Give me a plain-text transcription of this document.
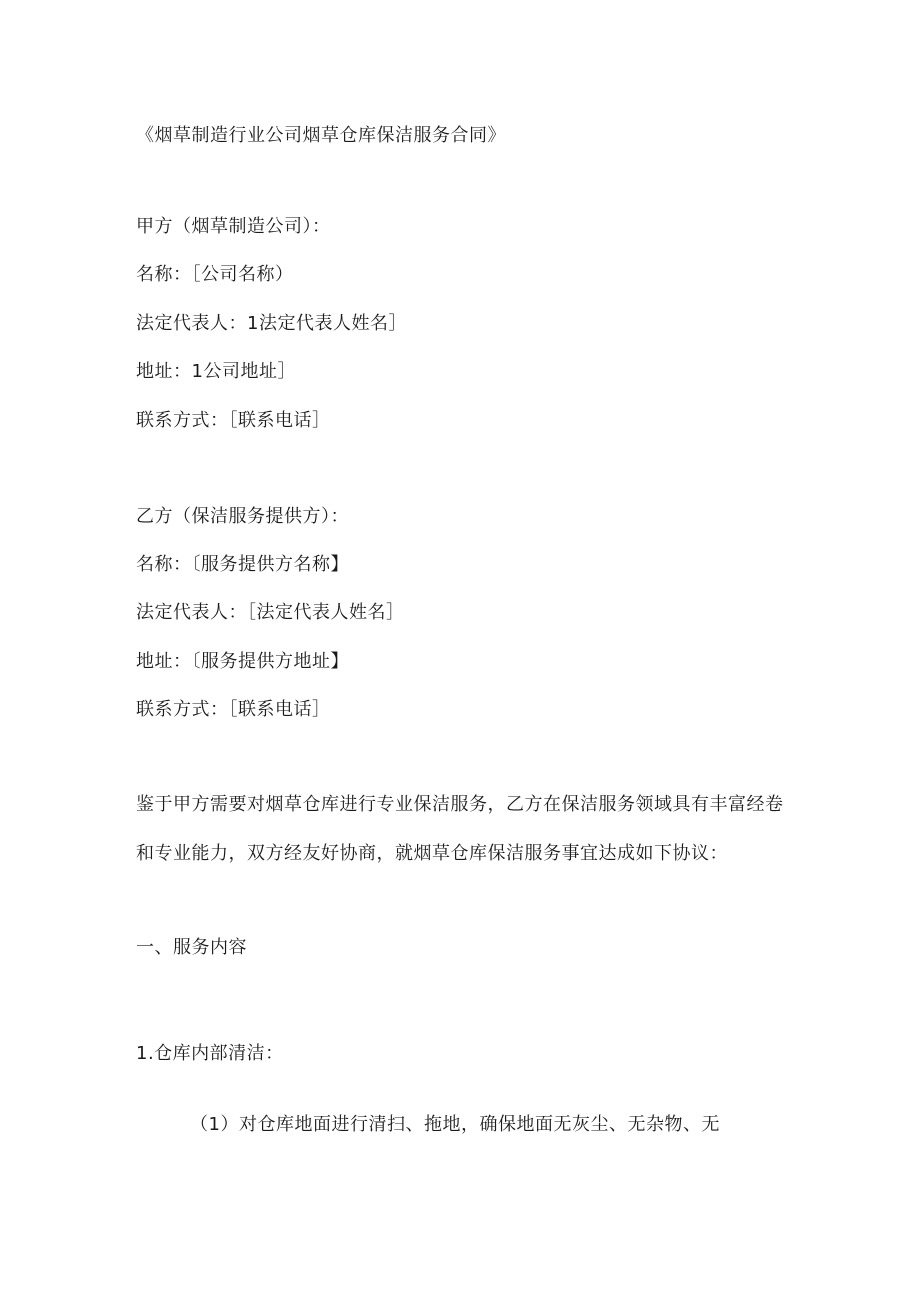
《烟草制造行业公司烟草仓库保洁服务合同》
甲方（烟草制造公司）：
名称：［公司名称）
法定代表人：1法定代表人姓名］
地址：1公司地址］
联系方式：［联系电话］
乙方（保洁服务提供方）：
名称：〔服务提供方名称】
法定代表人：［法定代表人姓名］
地址：〔服务提供方地址】
联系方式：［联系电话］
鉴于甲方需要对烟草仓库进行专业保洁服务，乙方在保洁服务领域具有丰富经卷
和专业能力，双方经友好协商，就烟草仓库保洁服务事宜达成如下协议：
一、服务内容
1.仓库内部清洁：
（1）对仓库地面进行清扫、拖地，确保地面无灰尘、无杂物、无
